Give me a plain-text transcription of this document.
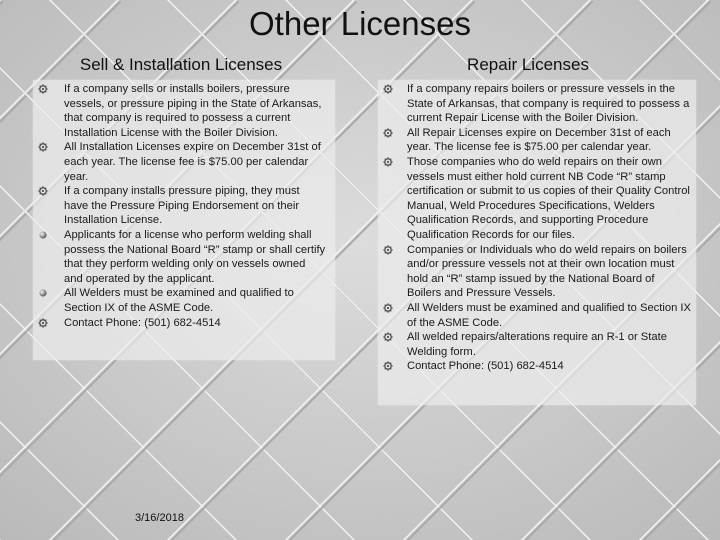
Other Licenses
Sell & Installation Licenses	Repair Licenses
If a company sells or installs boilers, pressure vessels, or pressure piping in the State of Arkansas, that company is required to possess a current Installation License with the Boiler Division.
All Installation Licenses expire on December 31st of each year. The license fee is $75.00 per calendar year.
If a company installs pressure piping, they must have the Pressure Piping Endorsement on their Installation License.
Applicants for a license who perform welding shall possess the National Board “R” stamp or shall certify that they perform welding only on vessels owned and operated by the applicant.
All Welders must be examined and qualified to Section IX of the ASME Code.
Contact Phone: (501) 682-4514
If a company repairs boilers or pressure vessels in the State of Arkansas, that company is required to possess a current Repair License with the Boiler Division.
All Repair Licenses expire on December 31st of each year. The license fee is $75.00 per calendar year.
Those companies who do weld repairs on their own vessels must either hold current NB Code “R” stamp certification or submit to us copies of their Quality Control Manual, Weld Procedures Specifications, Welders Qualification Records, and supporting Procedure Qualification Records for our files.
Companies or Individuals who do weld repairs on boilers and/or pressure vessels not at their own location must hold an “R” stamp issued by the National Board of Boilers and Pressure Vessels.
All Welders must be examined and qualified to Section IX of the ASME Code.
All welded repairs/alterations require an R-1 or State Welding form.
Contact Phone: (501) 682-4514
3/16/2018
